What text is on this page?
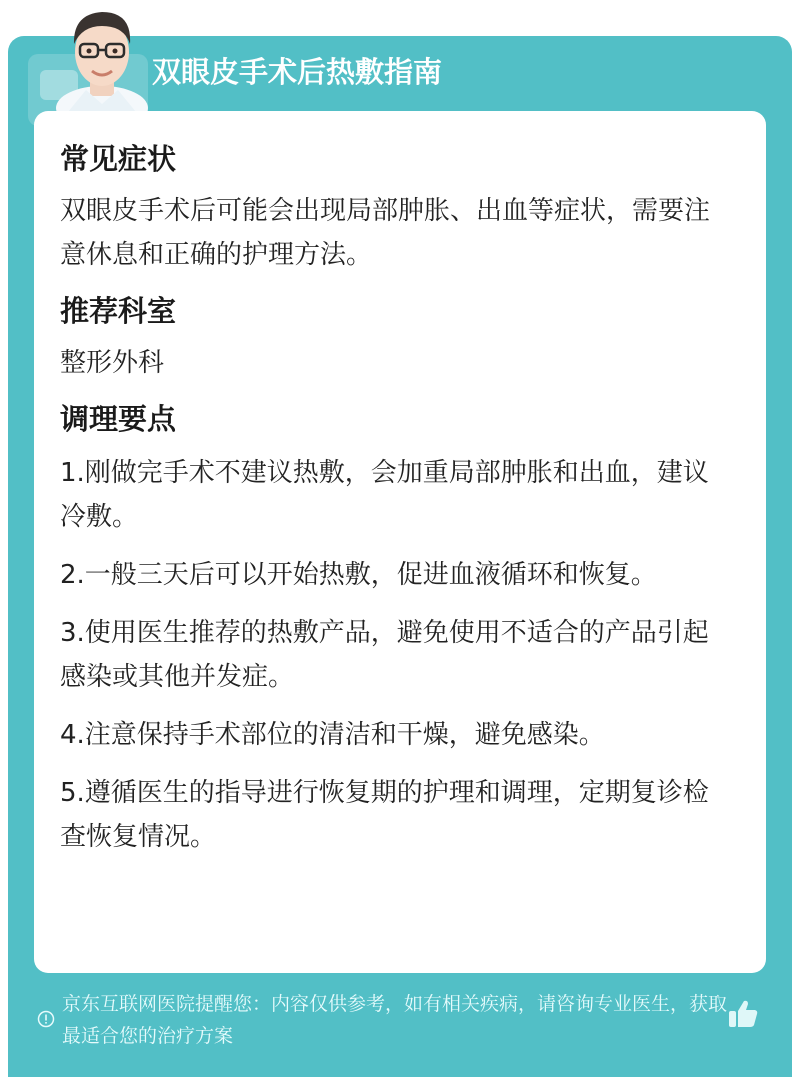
双眼皮手术后热敷指南
常见症状

双眼皮手术后可能会出现局部肿胀、出血等症状，需要注意休息和正确的护理方法。

推荐科室

整形外科

调理要点

1.刚做完手术不建议热敷，会加重局部肿胀和出血，建议冷敷。

2.一般三天后可以开始热敷，促进血液循环和恢复。

3.使用医生推荐的热敷产品，避免使用不适合的产品引起感染或其他并发症。

4.注意保持手术部位的清洁和干燥，避免感染。

5.遵循医生的指导进行恢复期的护理和调理，定期复诊检查恢复情况。

京东互联网医院提醒您：内容仅供参考，如有相关疾病，请咨询专业医生，获取最适合您的治疗方案
